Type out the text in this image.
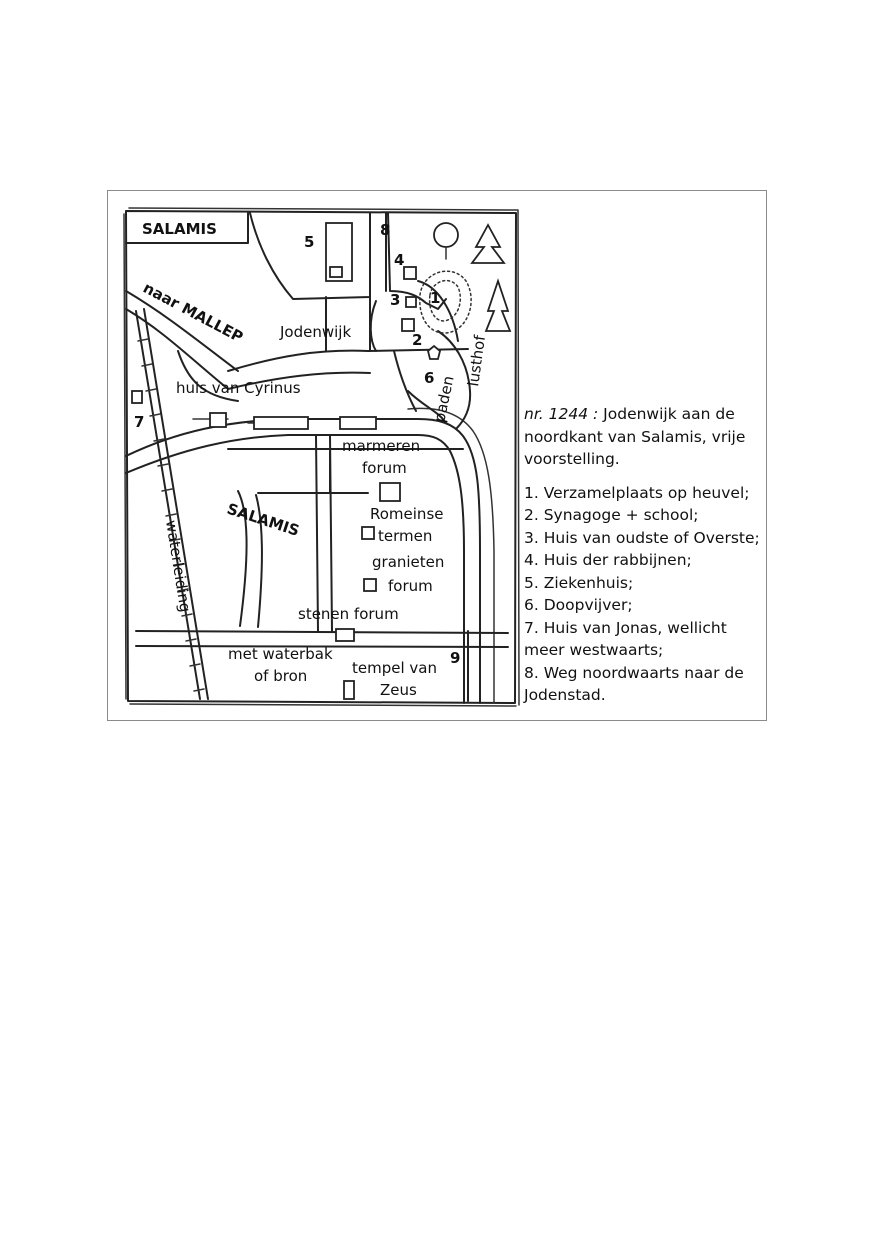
SALAMIS
waterleiding
naar MALLEP Jodenwijk
huis van Cyrinus
marmeren
forum
SALAMIS	Romeinse
termen
granieten
forum
stenen forum
met waterbak
of bron	tempel van
Zeus
paden
lusthof
1
2
3
4
5
6
7
8
9

nr. 1244 : Jodenwijk aan de noordkant van Salamis, vrije voorstelling.

1. Verzamelplaats op heuvel;
2. Synagoge + school;
3. Huis van oudste of Overste;
4. Huis der rabbijnen;
5. Ziekenhuis;
6. Doopvijver;
7. Huis van Jonas, wellicht meer westwaarts;
8. Weg noordwaarts naar de Jodenstad.
